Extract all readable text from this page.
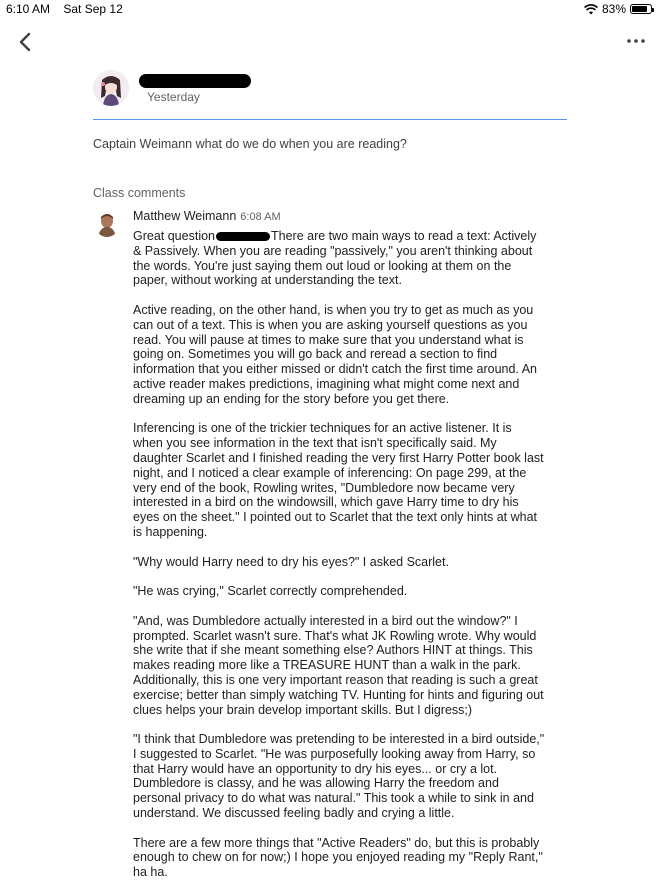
6:10 AM Sat Sep 12	83%
Yesterday
Captain Weimann what do we do when you are reading?
Class comments
Matthew Weimann 6:08 AM

Great question	There are two main ways to read a text: Actively & Passively. When you are reading "passively," you aren't thinking about the words. You're just saying them out loud or looking at them on the paper, without working at understanding the text.

Active reading, on the other hand, is when you try to get as much as you can out of a text. This is when you are asking yourself questions as you read. You will pause at times to make sure that you understand what is going on. Sometimes you will go back and reread a section to find information that you either missed or didn't catch the first time around. An active reader makes predictions, imagining what might come next and dreaming up an ending for the story before you get there.

Inferencing is one of the trickier techniques for an active listener. It is when you see information in the text that isn't specifically said. My daughter Scarlet and I finished reading the very first Harry Potter book last night, and I noticed a clear example of inferencing: On page 299, at the very end of the book, Rowling writes, "Dumbledore now became very interested in a bird on the windowsill, which gave Harry time to dry his eyes on the sheet." I pointed out to Scarlet that the text only hints at what is happening.

"Why would Harry need to dry his eyes?" I asked Scarlet.

"He was crying," Scarlet correctly comprehended.

"And, was Dumbledore actually interested in a bird out the window?" I prompted. Scarlet wasn't sure. That's what JK Rowling wrote. Why would she write that if she meant something else? Authors HINT at things. This makes reading more like a TREASURE HUNT than a walk in the park. Additionally, this is one very important reason that reading is such a great exercise; better than simply watching TV. Hunting for hints and figuring out clues helps your brain develop important skills. But I digress;)

"I think that Dumbledore was pretending to be interested in a bird outside," I suggested to Scarlet. "He was purposefully looking away from Harry, so that Harry would have an opportunity to dry his eyes... or cry a lot. Dumbledore is classy, and he was allowing Harry the freedom and personal privacy to do what was natural." This took a while to sink in and understand. We discussed feeling badly and crying a little.

There are a few more things that "Active Readers" do, but this is probably enough to chew on for now;) I hope you enjoyed reading my "Reply Rant," ha ha.
